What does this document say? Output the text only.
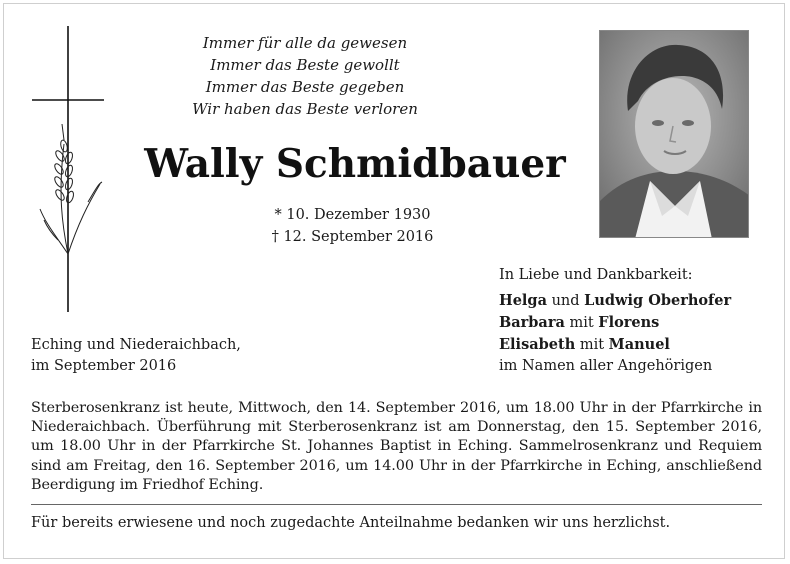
Immer für alle da gewesen
Immer das Beste gewollt
Immer das Beste gegeben
Wir haben das Beste verloren
Wally Schmidbauer
* 10. Dezember 1930
† 12. September 2016
Eching und Niederaichbach,
im September 2016
In Liebe und Dankbarkeit:
Helga und Ludwig Oberhofer
Barbara mit Florens
Elisabeth mit Manuel
im Namen aller Angehörigen
Sterberosenkranz ist heute, Mittwoch, den 14. September 2016, um 18.00 Uhr in der Pfarrkirche in Niederaichbach. Überführung mit Sterberosenkranz ist am Donnerstag, den 15. September 2016, um 18.00 Uhr in der Pfarrkirche St. Johannes Baptist in Eching. Sammelrosenkranz und Requiem sind am Freitag, den 16. September 2016, um 14.00 Uhr in der Pfarrkirche in Eching, anschließend Beerdigung im Friedhof Eching.
Für bereits erwiesene und noch zugedachte Anteilnahme bedanken wir uns herzlichst.
